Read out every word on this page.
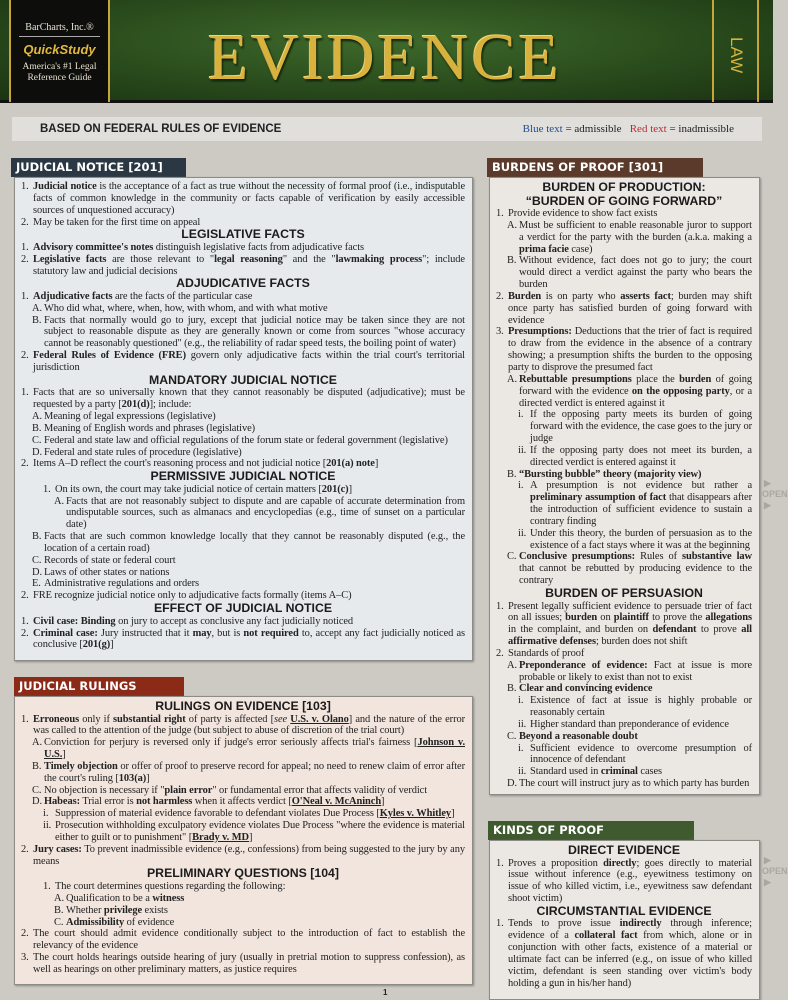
BarCharts, Inc.®
QuickStudy
America's #1 Legal Reference Guide	EVIDENCE	LAW
BASED ON FEDERAL RULES OF EVIDENCE	Blue text = admissible Red text = inadmissible
JUDICIAL NOTICE [201]
1. Judicial notice is the acceptance of a fact as true without the necessity of formal proof (i.e., indisputable facts of common knowledge in the community or facts capable of verification by easily accessible sources of unquestioned accuracy)
2. May be taken for the first time on appeal
LEGISLATIVE FACTS
1. Advisory committee's notes distinguish legislative facts from adjudicative facts
2. Legislative facts are those relevant to "legal reasoning" and the "lawmaking process"; include statutory law and judicial decisions
ADJUDICATIVE FACTS
1. Adjudicative facts are the facts of the particular case
A. Who did what, where, when, how, with whom, and with what motive
B. Facts that normally would go to jury, except that judicial notice may be taken since they are not subject to reasonable dispute as they are generally known or come from sources "whose accuracy cannot be reasonably questioned" (e.g., the reliability of radar speed tests, the boiling point of water)
2. Federal Rules of Evidence (FRE) govern only adjudicative facts within the trial court's territorial jurisdiction
MANDATORY JUDICIAL NOTICE
1. Facts that are so universally known that they cannot reasonably be disputed (adjudicative); must be requested by a party [201(d)]; include:
A. Meaning of legal expressions (legislative)
B. Meaning of English words and phrases (legislative)
C. Federal and state law and official regulations of the forum state or federal government (legislative)
D. Federal and state rules of procedure (legislative)
2. Items A–D reflect the court's reasoning process and not judicial notice [201(a) note]
PERMISSIVE JUDICIAL NOTICE
1. On its own, the court may take judicial notice of certain matters [201(c)]
A. Facts that are not reasonably subject to dispute and are capable of accurate determination from undisputable sources, such as almanacs and encyclopedias (e.g., time of sunset on a particular date)
B. Facts that are such common knowledge locally that they cannot be reasonably disputed (e.g., the location of a certain road)
C. Records of state or federal court
D. Laws of other states or nations
E. Administrative regulations and orders
2. FRE recognize judicial notice only to adjudicative facts formally (items A–C)
EFFECT OF JUDICIAL NOTICE
1. Civil case: Binding on jury to accept as conclusive any fact judicially noticed
2. Criminal case: Jury instructed that it may, but is not required to, accept any fact judicially noticed as conclusive [201(g)]
JUDICIAL RULINGS
RULINGS ON EVIDENCE [103]
1. Erroneous only if substantial right of party is affected [see U.S. v. Olano] and the nature of the error was called to the attention of the judge (but subject to abuse of discretion of the trial court)
A. Conviction for perjury is reversed only if judge's error seriously affects trial's fairness [Johnson v. U.S.]
B. Timely objection or offer of proof to preserve record for appeal; no need to renew claim of error after the court's ruling [103(a)]
C. No objection is necessary if "plain error" or fundamental error that affects validity of verdict
D. Habeas: Trial error is not harmless when it affects verdict [O'Neal v. McAninch]
i. Suppression of material evidence favorable to defendant violates Due Process [Kyles v. Whitley]
ii. Prosecution withholding exculpatory evidence violates Due Process "where the evidence is material either to guilt or to punishment" [Brady v. MD]
2. Jury cases: To prevent inadmissible evidence (e.g., confessions) from being suggested to the jury by any means
PRELIMINARY QUESTIONS [104]
1. The court determines questions regarding the following:
A. Qualification to be a witness
B. Whether privilege exists
C. Admissibility of evidence
2. The court should admit evidence conditionally subject to the introduction of fact to establish the relevancy of the evidence
3. The court holds hearings outside hearing of jury (usually in pretrial motion to suppress confession), as well as hearings on other preliminary matters, as justice requires
1
BURDENS OF PROOF [301]
BURDEN OF PRODUCTION:
“BURDEN OF GOING FORWARD”
1. Provide evidence to show fact exists
A. Must be sufficient to enable reasonable juror to support a verdict for the party with the burden (a.k.a. making a prima facie case)
B. Without evidence, fact does not go to jury; the court would direct a verdict against the party who bears the burden
2. Burden is on party who asserts fact; burden may shift once party has satisfied burden of going forward with evidence
3. Presumptions: Deductions that the trier of fact is required to draw from the evidence in the absence of a contrary showing; a presumption shifts the burden to the opposing party to disprove the presumed fact
A. Rebuttable presumptions place the burden of going forward with the evidence on the opposing party, or a directed verdict is entered against it
i. If the opposing party meets its burden of going forward with the evidence, the case goes to the jury or judge
ii. If the opposing party does not meet its burden, a directed verdict is entered against it
B. “Bursting bubble” theory (majority view)
i. A presumption is not evidence but rather a preliminary assumption of fact that disappears after the introduction of sufficient evidence to sustain a contrary finding
ii. Under this theory, the burden of persuasion as to the existence of a fact stays where it was at the beginning
C. Conclusive presumptions: Rules of substantive law that cannot be rebutted by producing evidence to the contrary
BURDEN OF PERSUASION
1. Present legally sufficient evidence to persuade trier of fact on all issues; burden on plaintiff to prove the allegations in the complaint, and burden on defendant to prove all affirmative defenses; burden does not shift
2. Standards of proof
A. Preponderance of evidence: Fact at issue is more probable or likely to exist than not to exist
B. Clear and convincing evidence
i. Existence of fact at issue is highly probable or reasonably certain
ii. Higher standard than preponderance of evidence
C. Beyond a reasonable doubt
i. Sufficient evidence to overcome presumption of innocence of defendant
ii. Standard used in criminal cases
D. The court will instruct jury as to which party has burden
KINDS OF PROOF
DIRECT EVIDENCE
1. Proves a proposition directly; goes directly to material issue without inference (e.g., eyewitness testimony on issue of who killed victim, i.e., eyewitness saw defendant shoot victim)
CIRCUMSTANTIAL EVIDENCE
1. Tends to prove issue indirectly through inference; evidence of a collateral fact from which, alone or in conjunction with other facts, existence of a material or ultimate fact can be inferred (e.g., on issue of who killed victim, defendant is seen standing over victim's body holding a gun in his/her hand)
▶
OPEN
▶
▶
OPEN
▶
